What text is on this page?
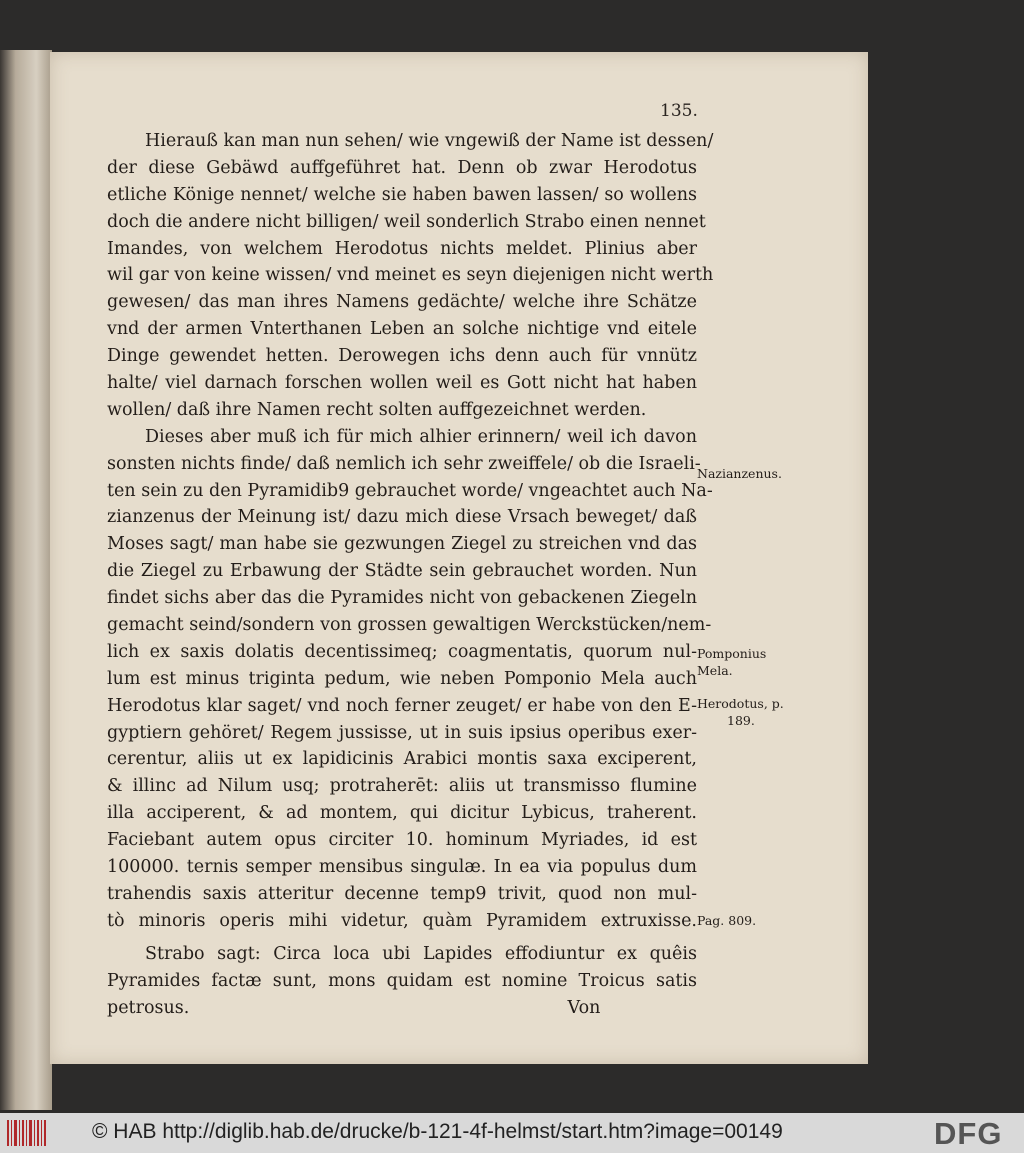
135.
Hierauß kan man nun sehen/ wie vngewiß der Name ist dessen/
der diese Gebäwd auffgeführet hat. Denn ob zwar Herodotus
etliche Könige nennet/ welche sie haben bawen lassen/ so wollens
doch die andere nicht billigen/ weil sonderlich Strabo einen nennet
Imandes, von welchem Herodotus nichts meldet. Plinius aber
wil gar von keine wissen/ vnd meinet es seyn diejenigen nicht werth
gewesen/ das man ihres Namens gedächte/ welche ihre Schätze
vnd der armen Vnterthanen Leben an solche nichtige vnd eitele
Dinge gewendet hetten. Derowegen ichs denn auch für vnnütz
halte/ viel darnach forschen wollen weil es Gott nicht hat haben
wollen/ daß ihre Namen recht solten auffgezeichnet werden.
Dieses aber muß ich für mich alhier erinnern/ weil ich davon
sonsten nichts finde/ daß nemlich ich sehr zweiffele/ ob die Israeli-
ten sein zu den Pyramidib9 gebrauchet worde/ vngeachtet auch Na-
zianzenus der Meinung ist/ dazu mich diese Vrsach beweget/ daß
Moses sagt/ man habe sie gezwungen Ziegel zu streichen vnd das
die Ziegel zu Erbawung der Städte sein gebrauchet worden. Nun
findet sichs aber das die Pyramides nicht von gebackenen Ziegeln
gemacht seind/sondern von grossen gewaltigen Werckstücken/nem-
lich ex saxis dolatis decentissimeq; coagmentatis, quorum nul-
lum est minus triginta pedum, wie neben Pomponio Mela auch
Herodotus klar saget/ vnd noch ferner zeuget/ er habe von den E-
gyptiern gehöret/ Regem jussisse, ut in suis ipsius operibus exer-
cerentur, aliis ut ex lapidicinis Arabici montis saxa exciperent,
& illinc ad Nilum usq; protraherēt: aliis ut transmisso flumine
illa acciperent, & ad montem, qui dicitur Lybicus, traherent.
Faciebant autem opus circiter 10. hominum Myriades, id est
100000. ternis semper mensibus singulæ. In ea via populus dum
trahendis saxis atteritur decenne temp9 trivit, quod non mul-
tò minoris operis mihi videtur, quàm Pyramidem extruxisse.
Strabo sagt: Circa loca ubi Lapides effodiuntur ex quêis
Pyramides factæ sunt, mons quidam est nomine Troicus satis
petrosus.                                                                    Von
Nazianzenus.
Pomponius
Mela.
Herodotus, p.
189.
Pag. 809.
© HAB http://diglib.hab.de/drucke/b-121-4f-helmst/start.htm?image=00149	DFG
